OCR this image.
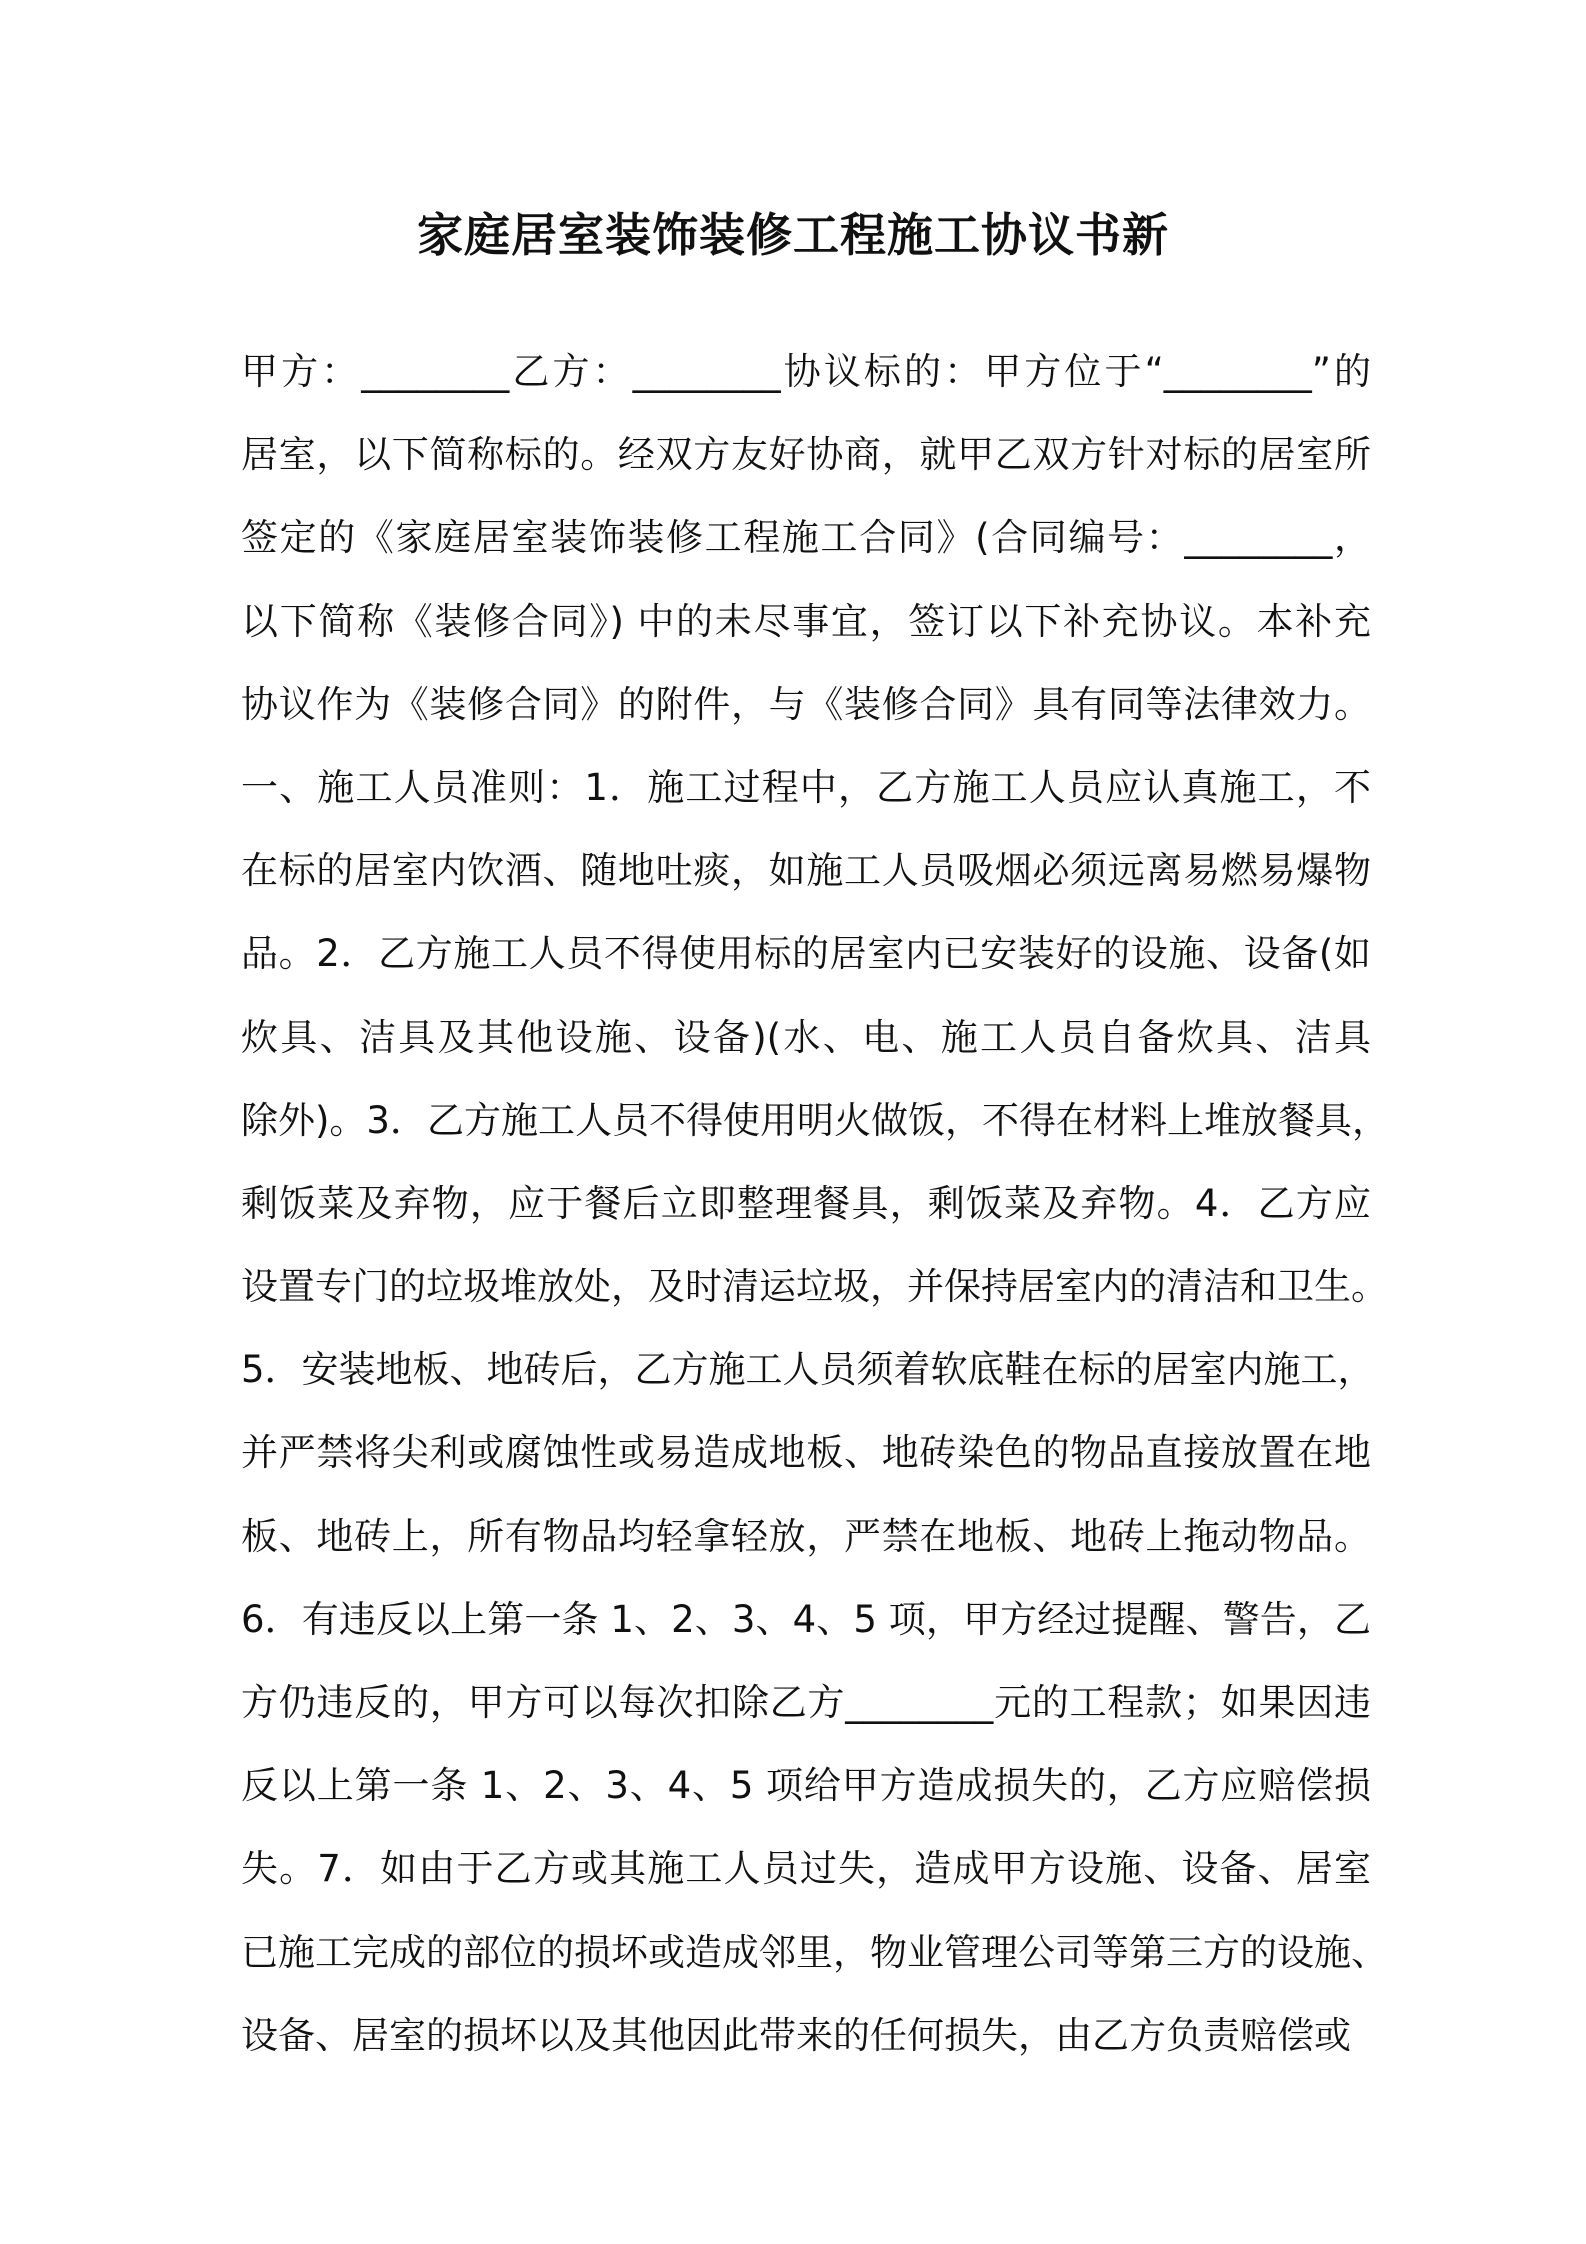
家庭居室装饰装修工程施工协议书新
甲方：________乙方：________协议标的：甲方位于“________”的
居室，以下简称标的。经双方友好协商，就甲乙双方针对标的居室所
签定的《家庭居室装饰装修工程施工合同》(合同编号：________，
以下简称《装修合同》) 中的未尽事宜，签订以下补充协议。本补充
协议作为《装修合同》的附件，与《装修合同》具有同等法律效力。
一、施工人员准则：1．施工过程中，乙方施工人员应认真施工，不
在标的居室内饮酒、随地吐痰，如施工人员吸烟必须远离易燃易爆物
品。2．乙方施工人员不得使用标的居室内已安装好的设施、设备(如
炊具、洁具及其他设施、设备)(水、电、施工人员自备炊具、洁具
除外)。3．乙方施工人员不得使用明火做饭，不得在材料上堆放餐具，
剩饭菜及弃物，应于餐后立即整理餐具，剩饭菜及弃物。4．乙方应
设置专门的垃圾堆放处，及时清运垃圾，并保持居室内的清洁和卫生。
5．安装地板、地砖后，乙方施工人员须着软底鞋在标的居室内施工，
并严禁将尖利或腐蚀性或易造成地板、地砖染色的物品直接放置在地
板、地砖上，所有物品均轻拿轻放，严禁在地板、地砖上拖动物品。
6．有违反以上第一条 1、2、3、4、5 项，甲方经过提醒、警告，乙
方仍违反的，甲方可以每次扣除乙方________元的工程款；如果因违
反以上第一条 1、2、3、4、5 项给甲方造成损失的，乙方应赔偿损
失。7．如由于乙方或其施工人员过失，造成甲方设施、设备、居室
已施工完成的部位的损坏或造成邻里，物业管理公司等第三方的设施、
设备、居室的损坏以及其他因此带来的任何损失，由乙方负责赔偿或
